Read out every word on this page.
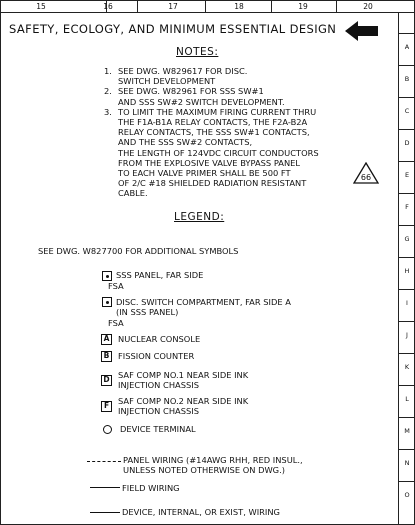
15	16	17	18	19	20
A
B
C
D
E
F
G
H
I
J
K
L
M
N
O
SAFETY, ECOLOGY, AND MINIMUM ESSENTIAL DESIGN
NOTES:
1. SEE DWG. W829617 FOR DISC.
SWITCH DEVELOPMENT
2. SEE DWG. W82961 FOR SSS SW#1
AND SSS SW#2 SWITCH DEVELOPMENT.
3. TO LIMIT THE MAXIMUM FIRING CURRENT THRU
THE F1A-B1A RELAY CONTACTS, THE F2A-B2A
RELAY CONTACTS, THE SSS SW#1 CONTACTS,
AND THE SSS SW#2 CONTACTS,
THE LENGTH OF 124VDC CIRCUIT CONDUCTORS
FROM THE EXPLOSIVE VALVE BYPASS PANEL
TO EACH VALVE PRIMER SHALL BE 500 FT
OF 2/C #18 SHIELDED RADIATION RESISTANT
CABLE.
66
LEGEND:
SEE DWG. W827700 FOR ADDITIONAL SYMBOLS
SSS PANEL, FAR SIDE
FSA
DISC. SWITCH COMPARTMENT, FAR SIDE A
(IN SSS PANEL)
FSA
A	NUCLEAR CONSOLE
B	FISSION COUNTER
D SAF COMP NO.1 NEAR SIDE INK
INJECTION CHASSIS
F	SAF COMP NO.2 NEAR SIDE INK
INJECTION CHASSIS
DEVICE TERMINAL
PANEL WIRING (#14AWG RHH, RED INSUL.,
UNLESS NOTED OTHERWISE ON DWG.)
FIELD WIRING
DEVICE, INTERNAL, OR EXIST, WIRING
